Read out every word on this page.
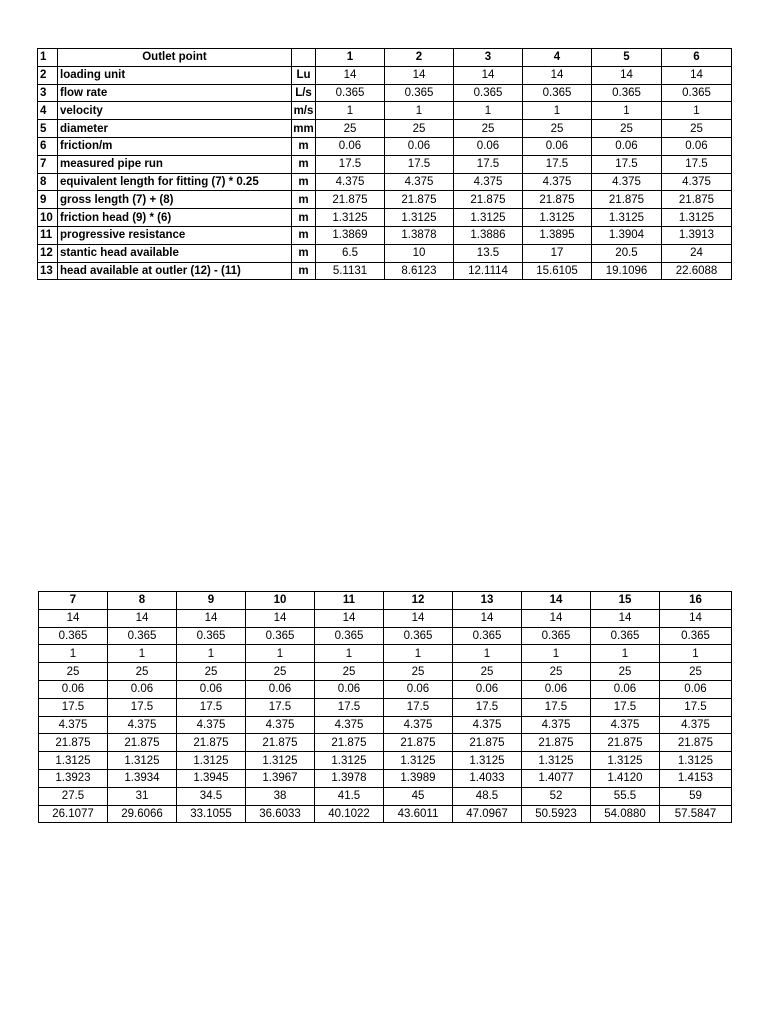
1	Outlet point		1	2	3	4	5	6
2	loading unit	Lu	14	14	14	14	14	14
3	flow rate	L/s	0.365	0.365	0.365	0.365	0.365	0.365
4	velocity	m/s	1	1	1	1	1	1
5	diameter	mm	25	25	25	25	25	25
6	friction/m	m	0.06	0.06	0.06	0.06	0.06	0.06
7	measured pipe run	m	17.5	17.5	17.5	17.5	17.5	17.5
8	equivalent length for fitting (7) * 0.25	m	4.375	4.375	4.375	4.375	4.375	4.375
9	gross length (7) + (8)	m	21.875	21.875	21.875	21.875	21.875	21.875
10	friction head (9) * (6)	m	1.3125	1.3125	1.3125	1.3125	1.3125	1.3125
11	progressive resistance	m	1.3869	1.3878	1.3886	1.3895	1.3904	1.3913
12	stantic head available	m	6.5	10	13.5	17	20.5	24
13	head available at outler (12) - (11)	m	5.1131	8.6123	12.1114	15.6105	19.1096	22.6088
7	8	9	10	11	12	13	14	15	16
14	14	14	14	14	14	14	14	14	14
0.365	0.365	0.365	0.365	0.365	0.365	0.365	0.365	0.365	0.365
1	1	1	1	1	1	1	1	1	1
25	25	25	25	25	25	25	25	25	25
0.06	0.06	0.06	0.06	0.06	0.06	0.06	0.06	0.06	0.06
17.5	17.5	17.5	17.5	17.5	17.5	17.5	17.5	17.5	17.5
4.375	4.375	4.375	4.375	4.375	4.375	4.375	4.375	4.375	4.375
21.875	21.875	21.875	21.875	21.875	21.875	21.875	21.875	21.875	21.875
1.3125	1.3125	1.3125	1.3125	1.3125	1.3125	1.3125	1.3125	1.3125	1.3125
1.3923	1.3934	1.3945	1.3967	1.3978	1.3989	1.4033	1.4077	1.4120	1.4153
27.5	31	34.5	38	41.5	45	48.5	52	55.5	59
26.1077	29.6066	33.1055	36.6033	40.1022	43.6011	47.0967	50.5923	54.0880	57.5847
